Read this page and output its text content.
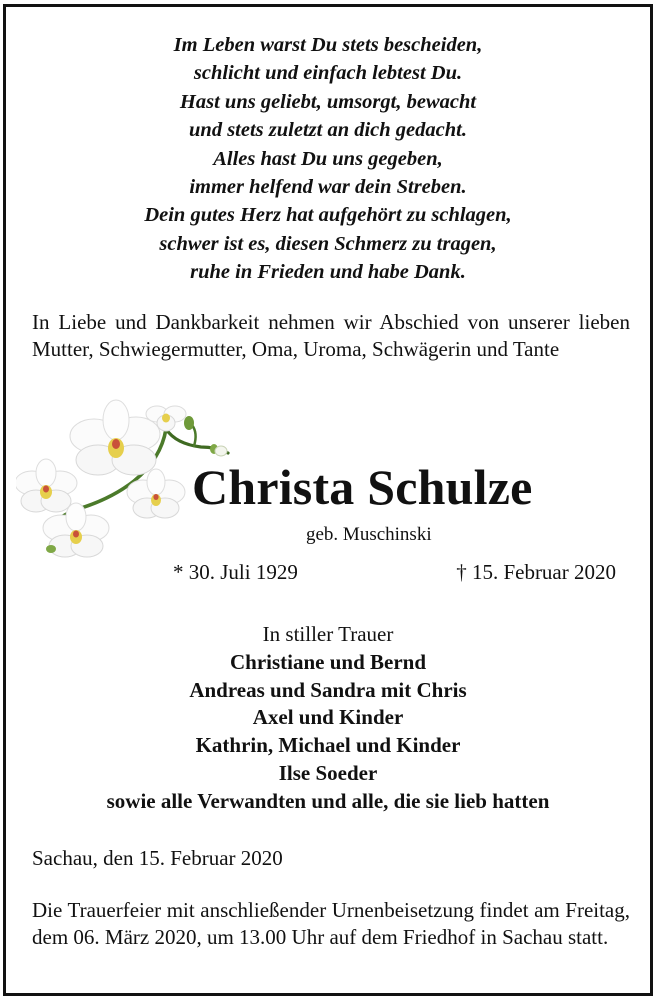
Im Leben warst Du stets bescheiden,
schlicht und einfach lebtest Du.
Hast uns geliebt, umsorgt, bewacht
und stets zuletzt an dich gedacht.
Alles hast Du uns gegeben,
immer helfend war dein Streben.
Dein gutes Herz hat aufgehört zu schlagen,
schwer ist es, diesen Schmerz zu tragen,
ruhe in Frieden und habe Dank.

In Liebe und Dankbarkeit nehmen wir Abschied von unserer lieben Mutter, Schwiegermutter, Oma, Uroma, Schwägerin und Tante

Christa Schulze
geb. Muschinski
* 30. Juli 1929	† 15. Februar 2020
In stiller Trauer
Christiane und Bernd
Andreas und Sandra mit Chris
Axel und Kinder
Kathrin, Michael und Kinder
Ilse Soeder
sowie alle Verwandten und alle, die sie lieb hatten
Sachau, den 15. Februar 2020

Die Trauerfeier mit anschließender Urnenbeisetzung findet am Freitag, dem 06. März 2020, um 13.00 Uhr auf dem Friedhof in Sachau statt.
